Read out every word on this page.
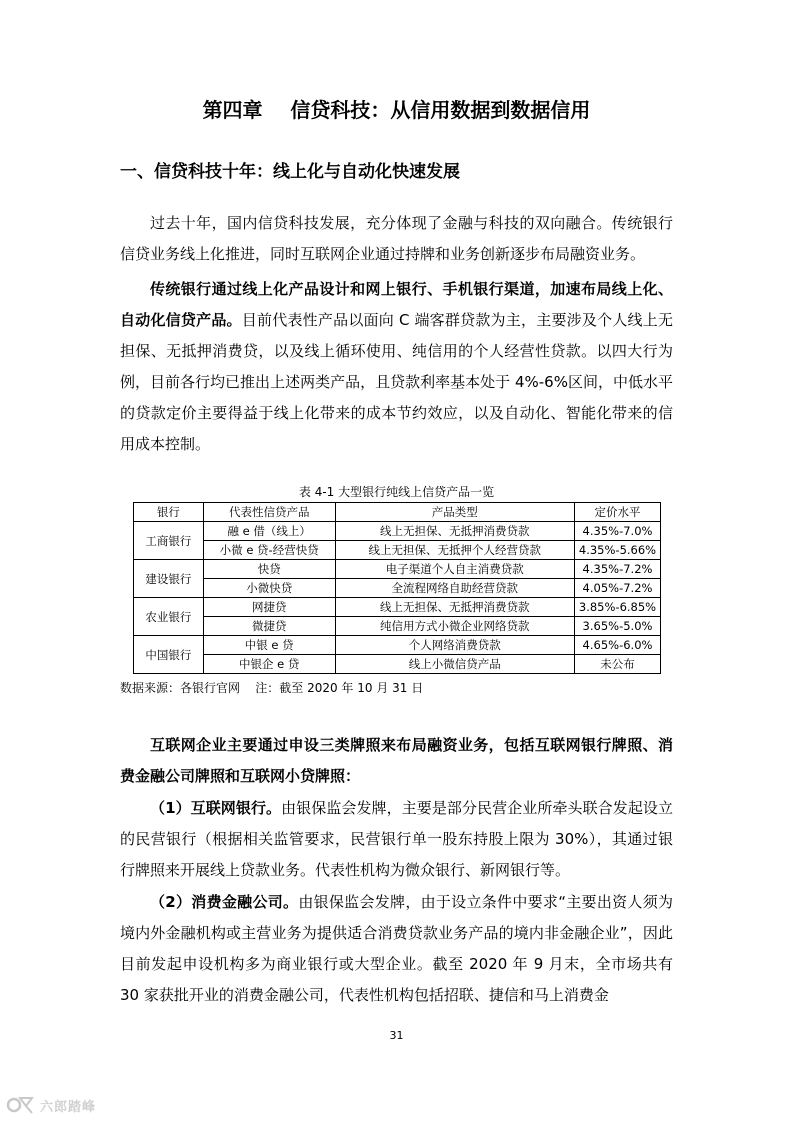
第四章    信贷科技：从信用数据到数据信用
一、信贷科技十年：线上化与自动化快速发展
过去十年，国内信贷科技发展，充分体现了金融与科技的双向融合。传统银行信贷业务线上化推进，同时互联网企业通过持牌和业务创新逐步布局融资业务。
传统银行通过线上化产品设计和网上银行、手机银行渠道，加速布局线上化、自动化信贷产品。目前代表性产品以面向 C 端客群贷款为主，主要涉及个人线上无担保、无抵押消费贷，以及线上循环使用、纯信用的个人经营性贷款。以四大行为例，目前各行均已推出上述两类产品，且贷款利率基本处于 4%-6%区间，中低水平的贷款定价主要得益于线上化带来的成本节约效应，以及自动化、智能化带来的信用成本控制。
表 4-1 大型银行纯线上信贷产品一览
银行	代表性信贷产品	产品类型	定价水平
工商银行	融 e 借（线上）	线上无担保、无抵押消费贷款	4.35%-7.0%
	小微 e 贷-经营快贷	线上无担保、无抵押个人经营贷款	4.35%-5.66%
建设银行	快贷	电子渠道个人自主消费贷款	4.35%-7.2%
	小微快贷	全流程网络自助经营贷款	4.05%-7.2%
农业银行	网捷贷	线上无担保、无抵押消费贷款	3.85%-6.85%
	微捷贷	纯信用方式小微企业网络贷款	3.65%-5.0%
中国银行	中银 e 贷	个人网络消费贷款	4.65%-6.0%
	中银企 e 贷	线上小微信贷产品	未公布
数据来源：各银行官网    注：截至 2020 年 10 月 31 日
互联网企业主要通过申设三类牌照来布局融资业务，包括互联网银行牌照、消费金融公司牌照和互联网小贷牌照：
（1）互联网银行。由银保监会发牌，主要是部分民营企业所牵头联合发起设立的民营银行（根据相关监管要求，民营银行单一股东持股上限为 30%），其通过银行牌照来开展线上贷款业务。代表性机构为微众银行、新网银行等。
（2）消费金融公司。由银保监会发牌，由于设立条件中要求“主要出资人须为境内外金融机构或主营业务为提供适合消费贷款业务产品的境内非金融企业”，因此目前发起申设机构多为商业银行或大型企业。截至 2020 年 9 月末，全市场共有 30 家获批开业的消费金融公司，代表性机构包括招联、捷信和马上消费金
31
六郎踏峰
